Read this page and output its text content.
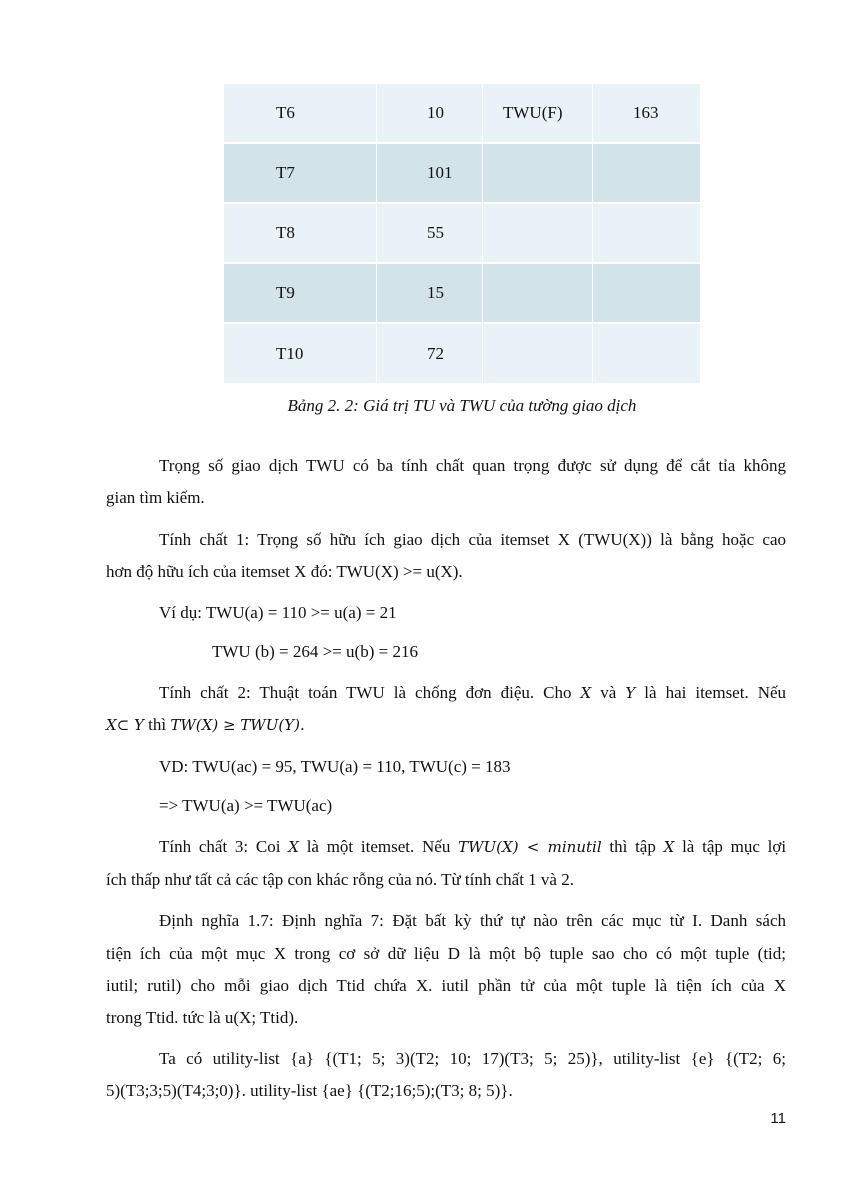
T6	10	TWU(F)	163
T7	101		
T8	55		
T9	15		
T10	72		
Bảng 2. 2: Giá trị TU và TWU của tường giao dịch
Trọng số giao dịch TWU có ba tính chất quan trọng được sử dụng để cắt tỉa không
gian tìm kiếm.
Tính chất 1: Trọng số hữu ích giao dịch của itemset X (TWU(X)) là bằng hoặc cao
hơn độ hữu ích của itemset X đó: TWU(X) >= u(X).
Ví dụ: TWU(a) = 110 >= u(a) = 21
TWU (b) = 264 >= u(b) = 216
Tính chất 2: Thuật toán TWU là chống đơn điệu. Cho X và Y là hai itemset. Nếu
X⊂ Y thì TW(X) ≥ TWU(Y).
VD: TWU(ac) = 95, TWU(a) = 110, TWU(c) = 183
=> TWU(a) >= TWU(ac)
Tính chất 3: Coi X là một itemset. Nếu TWU(X) < minutil thì tập X là tập mục lợi
ích thấp như tất cả các tập con khác rỗng của nó. Từ tính chất 1 và 2.
Định nghĩa 1.7: Định nghĩa 7: Đặt bất kỳ thứ tự nào trên các mục từ I. Danh sách
tiện ích của một mục X trong cơ sở dữ liệu D là một bộ tuple sao cho có một tuple (tid;
iutil; rutil) cho mỗi giao dịch Ttid chứa X. iutil phần tử của một tuple là tiện ích của X
trong Ttid. tức là u(X; Ttid).
Ta có utility-list {a} {(T1; 5; 3)(T2; 10; 17)(T3; 5; 25)}, utility-list {e} {(T2; 6;
5)(T3;3;5)(T4;3;0)}. utility-list {ae} {(T2;16;5);(T3; 8; 5)}.
11
